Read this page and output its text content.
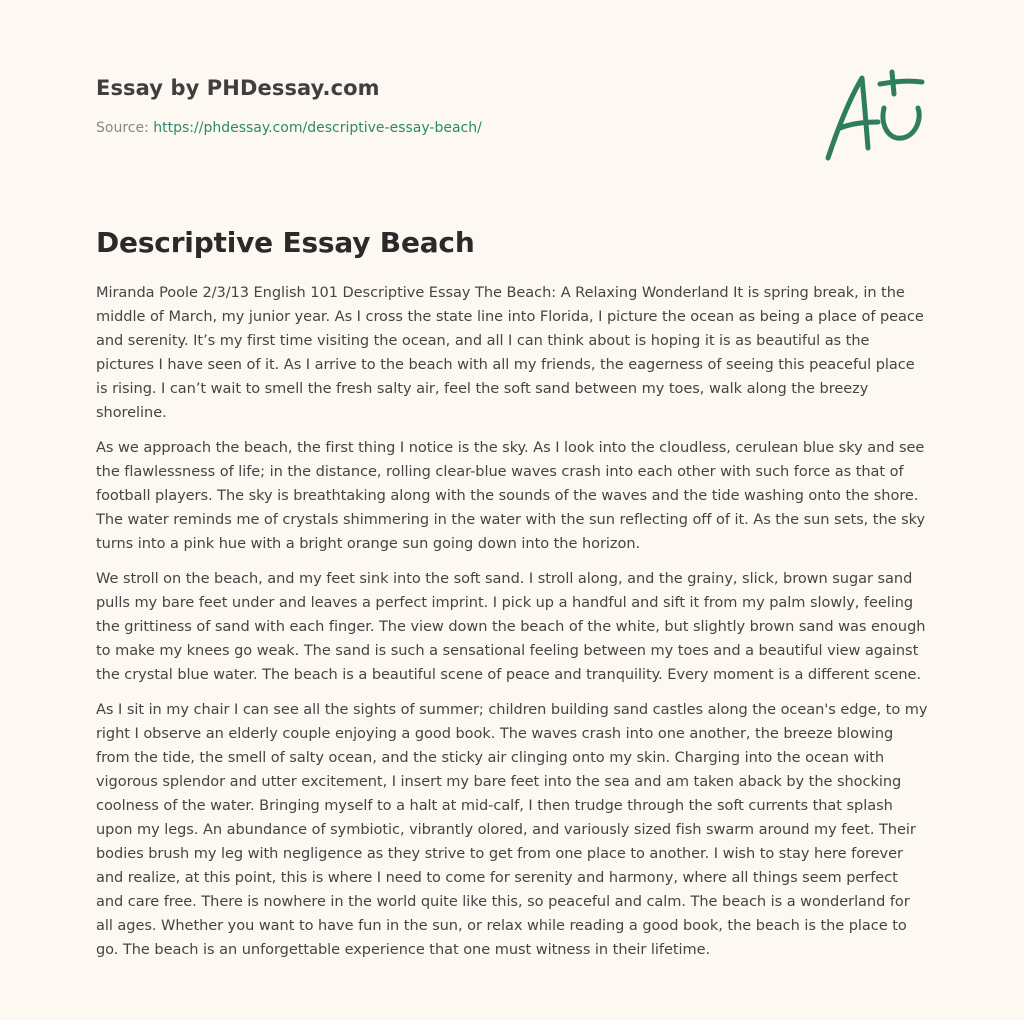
Essay by PHDessay.com
Source: https://phdessay.com/descriptive-essay-beach/
Descriptive Essay Beach

Miranda Poole 2/3/13 English 101 Descriptive Essay The Beach: A Relaxing Wonderland It is spring break, in the middle of March, my junior year. As I cross the state line into Florida, I picture the ocean as being a place of peace and serenity. It’s my first time visiting the ocean, and all I can think about is hoping it is as beautiful as the pictures I have seen of it. As I arrive to the beach with all my friends, the eagerness of seeing this peaceful place is rising. I can’t wait to smell the fresh salty air, feel the soft sand between my toes, walk along the breezy shoreline.

As we approach the beach, the first thing I notice is the sky. As I look into the cloudless, cerulean blue sky and see the flawlessness of life; in the distance, rolling clear-blue waves crash into each other with such force as that of football players. The sky is breathtaking along with the sounds of the waves and the tide washing onto the shore. The water reminds me of crystals shimmering in the water with the sun reflecting off of it. As the sun sets, the sky turns into a pink hue with a bright orange sun going down into the horizon.

We stroll on the beach, and my feet sink into the soft sand. I stroll along, and the grainy, slick, brown sugar sand pulls my bare feet under and leaves a perfect imprint. I pick up a handful and sift it from my palm slowly, feeling the grittiness of sand with each finger. The view down the beach of the white, but slightly brown sand was enough to make my knees go weak. The sand is such a sensational feeling between my toes and a beautiful view against the crystal blue water. The beach is a beautiful scene of peace and tranquility. Every moment is a different scene.

As I sit in my chair I can see all the sights of summer; children building sand castles along the ocean's edge, to my right I observe an elderly couple enjoying a good book. The waves crash into one another, the breeze blowing from the tide, the smell of salty ocean, and the sticky air clinging onto my skin. Charging into the ocean with vigorous splendor and utter excitement, I insert my bare feet into the sea and am taken aback by the shocking coolness of the water. Bringing myself to a halt at mid-calf, I then trudge through the soft currents that splash upon my legs. An abundance of symbiotic, vibrantly olored, and variously sized fish swarm around my feet. Their bodies brush my leg with negligence as they strive to get from one place to another. I wish to stay here forever and realize, at this point, this is where I need to come for serenity and harmony, where all things seem perfect and care free. There is nowhere in the world quite like this, so peaceful and calm. The beach is a wonderland for all ages. Whether you want to have fun in the sun, or relax while reading a good book, the beach is the place to go. The beach is an unforgettable experience that one must witness in their lifetime.
